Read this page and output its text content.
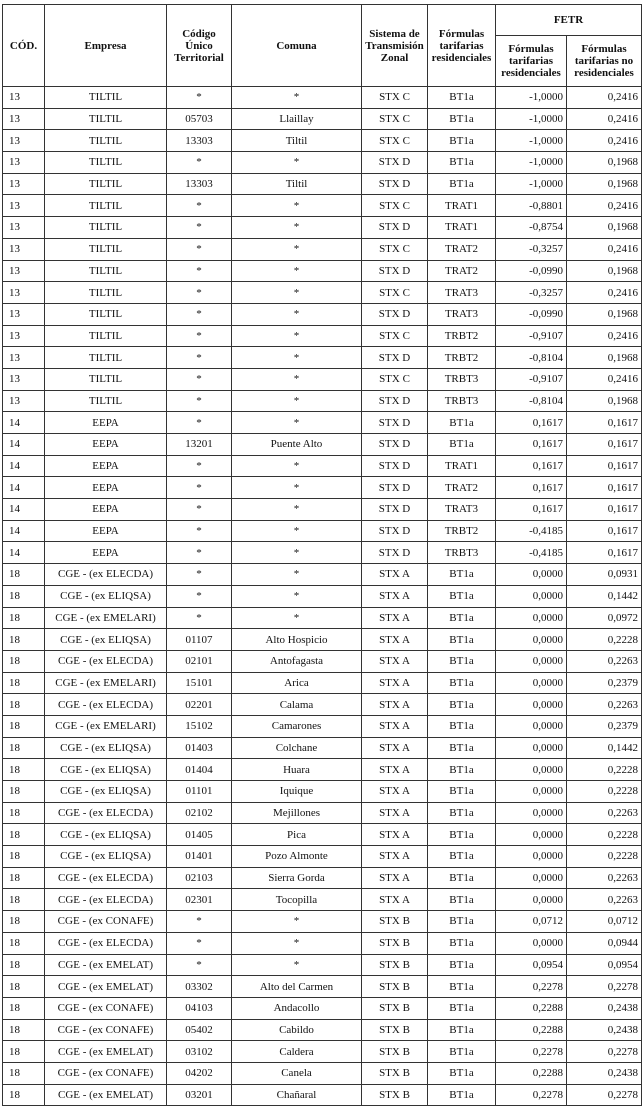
CÓD.	Empresa	Código Único Territorial	Comuna	Sistema de Transmisión Zonal	Fórmulas tarifarias residenciales	FETR	
						Fórmulas tarifarias residenciales	Fórmulas tarifarias no residenciales
13	TILTIL	*	*	STX C	BT1a	-1,0000	0,2416
13	TILTIL	05703	Llaillay	STX C	BT1a	-1,0000	0,2416
13	TILTIL	13303	Tiltil	STX C	BT1a	-1,0000	0,2416
13	TILTIL	*	*	STX D	BT1a	-1,0000	0,1968
13	TILTIL	13303	Tiltil	STX D	BT1a	-1,0000	0,1968
13	TILTIL	*	*	STX C	TRAT1	-0,8801	0,2416
13	TILTIL	*	*	STX D	TRAT1	-0,8754	0,1968
13	TILTIL	*	*	STX C	TRAT2	-0,3257	0,2416
13	TILTIL	*	*	STX D	TRAT2	-0,0990	0,1968
13	TILTIL	*	*	STX C	TRAT3	-0,3257	0,2416
13	TILTIL	*	*	STX D	TRAT3	-0,0990	0,1968
13	TILTIL	*	*	STX C	TRBT2	-0,9107	0,2416
13	TILTIL	*	*	STX D	TRBT2	-0,8104	0,1968
13	TILTIL	*	*	STX C	TRBT3	-0,9107	0,2416
13	TILTIL	*	*	STX D	TRBT3	-0,8104	0,1968
14	EEPA	*	*	STX D	BT1a	0,1617	0,1617
14	EEPA	13201	Puente Alto	STX D	BT1a	0,1617	0,1617
14	EEPA	*	*	STX D	TRAT1	0,1617	0,1617
14	EEPA	*	*	STX D	TRAT2	0,1617	0,1617
14	EEPA	*	*	STX D	TRAT3	0,1617	0,1617
14	EEPA	*	*	STX D	TRBT2	-0,4185	0,1617
14	EEPA	*	*	STX D	TRBT3	-0,4185	0,1617
18	CGE - (ex ELECDA)	*	*	STX A	BT1a	0,0000	0,0931
18	CGE - (ex ELIQSA)	*	*	STX A	BT1a	0,0000	0,1442
18	CGE - (ex EMELARI)	*	*	STX A	BT1a	0,0000	0,0972
18	CGE - (ex ELIQSA)	01107	Alto Hospicio	STX A	BT1a	0,0000	0,2228
18	CGE - (ex ELECDA)	02101	Antofagasta	STX A	BT1a	0,0000	0,2263
18	CGE - (ex EMELARI)	15101	Arica	STX A	BT1a	0,0000	0,2379
18	CGE - (ex ELECDA)	02201	Calama	STX A	BT1a	0,0000	0,2263
18	CGE - (ex EMELARI)	15102	Camarones	STX A	BT1a	0,0000	0,2379
18	CGE - (ex ELIQSA)	01403	Colchane	STX A	BT1a	0,0000	0,1442
18	CGE - (ex ELIQSA)	01404	Huara	STX A	BT1a	0,0000	0,2228
18	CGE - (ex ELIQSA)	01101	Iquique	STX A	BT1a	0,0000	0,2228
18	CGE - (ex ELECDA)	02102	Mejillones	STX A	BT1a	0,0000	0,2263
18	CGE - (ex ELIQSA)	01405	Pica	STX A	BT1a	0,0000	0,2228
18	CGE - (ex ELIQSA)	01401	Pozo Almonte	STX A	BT1a	0,0000	0,2228
18	CGE - (ex ELECDA)	02103	Sierra Gorda	STX A	BT1a	0,0000	0,2263
18	CGE - (ex ELECDA)	02301	Tocopilla	STX A	BT1a	0,0000	0,2263
18	CGE - (ex CONAFE)	*	*	STX B	BT1a	0,0712	0,0712
18	CGE - (ex ELECDA)	*	*	STX B	BT1a	0,0000	0,0944
18	CGE - (ex EMELAT)	*	*	STX B	BT1a	0,0954	0,0954
18	CGE - (ex EMELAT)	03302	Alto del Carmen	STX B	BT1a	0,2278	0,2278
18	CGE - (ex CONAFE)	04103	Andacollo	STX B	BT1a	0,2288	0,2438
18	CGE - (ex CONAFE)	05402	Cabildo	STX B	BT1a	0,2288	0,2438
18	CGE - (ex EMELAT)	03102	Caldera	STX B	BT1a	0,2278	0,2278
18	CGE - (ex CONAFE)	04202	Canela	STX B	BT1a	0,2288	0,2438
18	CGE - (ex EMELAT)	03201	Chañaral	STX B	BT1a	0,2278	0,2278
